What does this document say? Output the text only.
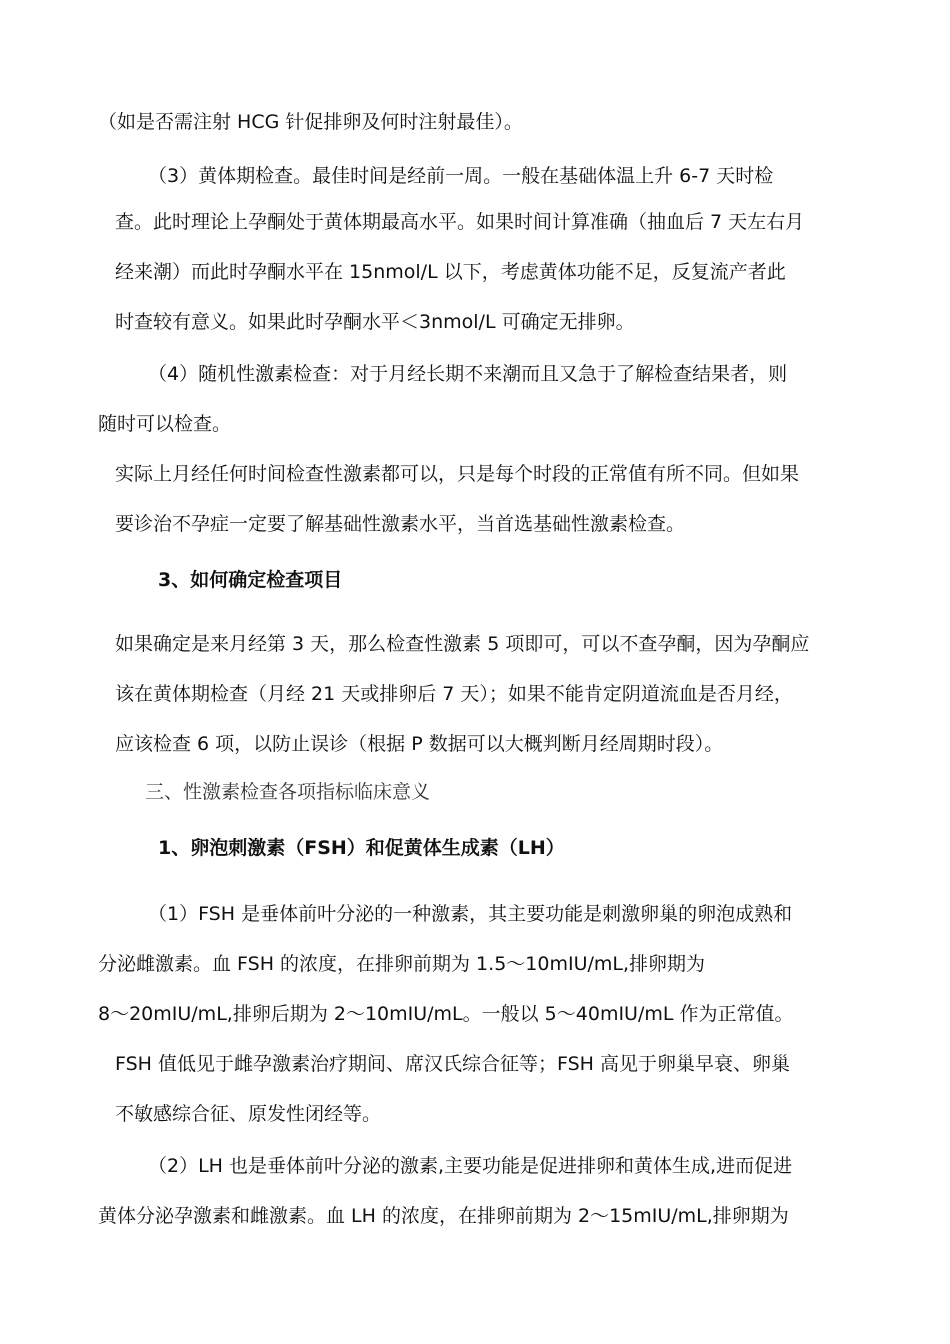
（如是否需注射 HCG 针促排卵及何时注射最佳）。
（3）黄体期检查。最佳时间是经前一周。一般在基础体温上升 6-7 天时检
查。此时理论上孕酮处于黄体期最高水平。如果时间计算准确（抽血后 7 天左右月
经来潮）而此时孕酮水平在 15nmol/L 以下，考虑黄体功能不足，反复流产者此
时查较有意义。如果此时孕酮水平＜3nmol/L 可确定无排卵。
（4）随机性激素检查：对于月经长期不来潮而且又急于了解检查结果者，则
随时可以检查。
实际上月经任何时间检查性激素都可以，只是每个时段的正常值有所不同。但如果
要诊治不孕症一定要了解基础性激素水平，当首选基础性激素检查。
3、如何确定检查项目
如果确定是来月经第 3 天，那么检查性激素 5 项即可，可以不查孕酮，因为孕酮应
该在黄体期检查（月经 21 天或排卵后 7 天）；如果不能肯定阴道流血是否月经，
应该检查 6 项，以防止误诊（根据 P 数据可以大概判断月经周期时段）。
三、性激素检查各项指标临床意义
1、卵泡刺激素（FSH）和促黄体生成素（LH）
（1）FSH 是垂体前叶分泌的一种激素，其主要功能是刺激卵巢的卵泡成熟和
分泌雌激素。血 FSH 的浓度，在排卵前期为 1.5～10mIU/mL,排卵期为
8～20mIU/mL,排卵后期为 2～10mIU/mL。一般以 5～40mIU/mL 作为正常值。
FSH 值低见于雌孕激素治疗期间、席汉氏综合征等；FSH 高见于卵巢早衰、卵巢
不敏感综合征、原发性闭经等。
（2）LH 也是垂体前叶分泌的激素,主要功能是促进排卵和黄体生成,进而促进
黄体分泌孕激素和雌激素。血 LH 的浓度，在排卵前期为 2～15mIU/mL,排卵期为
